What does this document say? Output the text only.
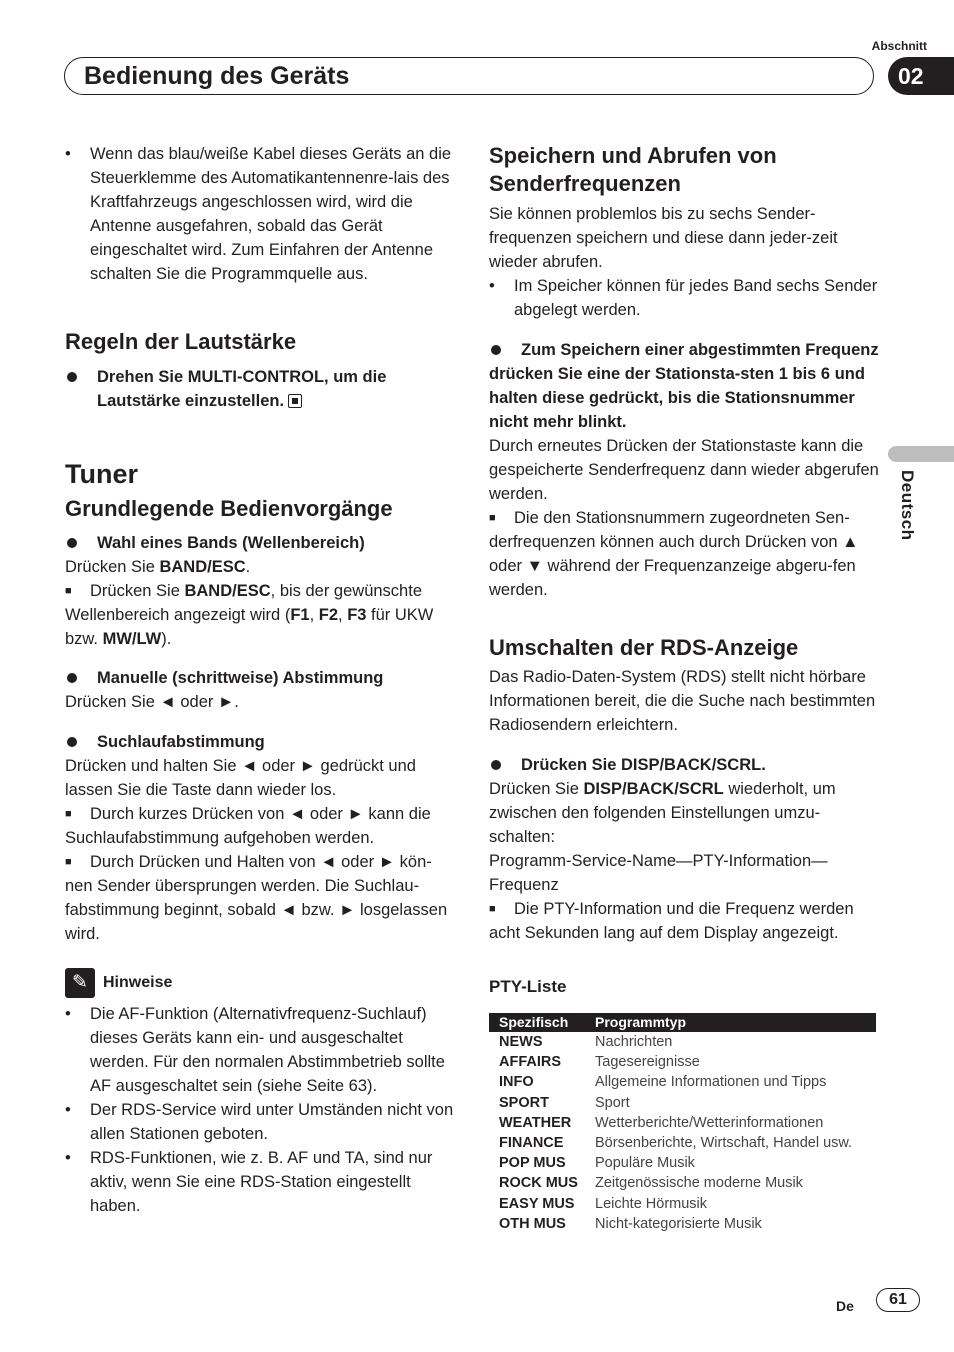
Abschnitt
Bedienung des Geräts	02
Deutsch

• Wenn das blau/weiße Kabel dieses Geräts an die Steuerklemme des Automatikantennenre-lais des Kraftfahrzeugs angeschlossen wird, wird die Antenne ausgefahren, sobald das Gerät eingeschaltet wird. Zum Einfahren der Antenne schalten Sie die Programmquelle aus.

Regeln der Lautstärke

Drehen Sie MULTI-CONTROL, um die Lautstärke einzustellen.

Tuner
Grundlegende Bedienvorgänge

Wahl eines Bands (Wellenbereich)

Drücken Sie BAND/ESC.

▪ ■ Drücken Sie BAND/ESC, bis der gewünschte Wellenbereich angezeigt wird (F1, F2, F3 für UKW bzw. MW/LW).

Manuelle (schrittweise) Abstimmung

Drücken Sie ◄ oder ►.

Suchlaufabstimmung

Drücken und halten Sie ◄ oder ► gedrückt und lassen Sie die Taste dann wieder los.

■ Durch kurzes Drücken von ◄ oder ► kann die Suchlaufabstimmung aufgehoben werden.

■ Durch Drücken und Halten von ◄ oder ► kön-nen Sender übersprungen werden. Die Suchlau-fabstimmung beginnt, sobald ◄ bzw. ► losgelassen wird.

✎ Hinweise

• Die AF-Funktion (Alternativfrequenz-Suchlauf) dieses Geräts kann ein- und ausgeschaltet werden. Für den normalen Abstimmbetrieb sollte AF ausgeschaltet sein (siehe Seite 63).

• Der RDS-Service wird unter Umständen nicht von allen Stationen geboten.

• RDS-Funktionen, wie z. B. AF und TA, sind nur aktiv, wenn Sie eine RDS-Station eingestellt haben.

Speichern und Abrufen von Senderfrequenzen

Sie können problemlos bis zu sechs Sender-frequenzen speichern und diese dann jeder-zeit wieder abrufen.

• Im Speicher können für jedes Band sechs Sender abgelegt werden.

Zum Speichern einer abgestimmten Frequenz drücken Sie eine der Stationsta-sten 1 bis 6 und halten diese gedrückt, bis die Stationsnummer nicht mehr blinkt.

Durch erneutes Drücken der Stationstaste kann die gespeicherte Senderfrequenz dann wieder abgerufen werden.

■ Die den Stationsnummern zugeordneten Sen-derfrequenzen können auch durch Drücken von ▲ oder ▼ während der Frequenzanzeige abgeru-fen werden.

Umschalten der RDS-Anzeige

Das Radio-Daten-System (RDS) stellt nicht hörbare Informationen bereit, die die Suche nach bestimmten Radiosendern erleichtern.

Drücken Sie DISP/BACK/SCRL.

Drücken Sie DISP/BACK/SCRL wiederholt, um zwischen den folgenden Einstellungen umzu-schalten:

Programm-Service-Name—PTY-Information—Frequenz

■ Die PTY-Information und die Frequenz werden acht Sekunden lang auf dem Display angezeigt.

PTY-Liste

Spezifisch	Programmtyp
NEWS	Nachrichten
AFFAIRS	Tagesereignisse
INFO	Allgemeine Informationen und Tipps
SPORT	Sport
WEATHER	Wetterberichte/Wetterinformationen
FINANCE	Börsenberichte, Wirtschaft, Handel usw.
POP MUS	Populäre Musik
ROCK MUS	Zeitgenössische moderne Musik
EASY MUS	Leichte Hörmusik
OTH MUS	Nicht-kategorisierte Musik
De	61
